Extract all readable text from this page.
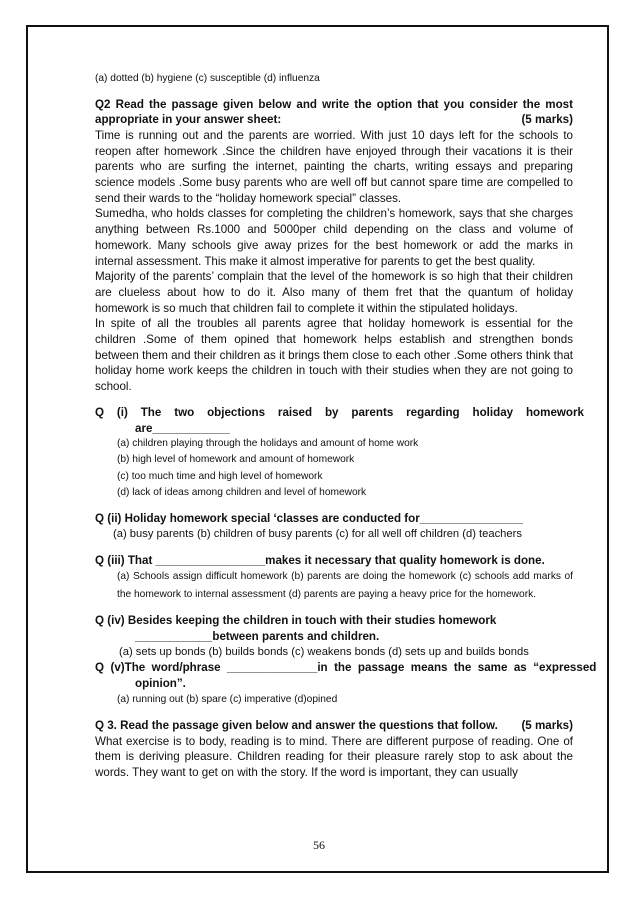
(a) dotted (b) hygiene (c) susceptible (d) influenza

Q2 Read the passage given below and write the option that you consider the most appropriate in your answer sheet:	(5 marks)

Time is running out and the parents are worried. With just 10 days left for the schools to reopen after homework .Since the children have enjoyed through their vacations it is their parents who are surfing the internet, painting the charts, writing essays and preparing science models .Some busy parents who are well off but cannot spare time are compelled to send their wards to the “holiday homework special” classes.

Sumedha, who holds classes for completing the children’s homework, says that she charges anything between Rs.1000 and 5000per child depending on the class and volume of homework. Many schools give away prizes for the best homework or add the marks in internal assessment. This make it almost imperative for parents to get the best quality.

Majority of the parents’ complain that the level of the homework is so high that their children are clueless about how to do it. Also many of them fret that the quantum of holiday homework is so much that children fail to complete it within the stipulated holidays.

In spite of all the troubles all parents agree that holiday homework is essential for the children .Some of them opined that homework helps establish and strengthen bonds between them and their children as it brings them close to each other .Some others think that holiday home work keeps the children in touch with their studies when they are not going to school.

Q    (i)    The    two    objections    raised    by    parents    regarding    holiday    homework

are____________

(a) children playing through the holidays and amount of home work

(b) high level of homework and amount of homework

(c) too much time and high level of homework

(d) lack of ideas among children and level of homework

Q (ii) Holiday homework special ‘classes are conducted for________________

(a) busy parents (b) children of busy parents (c) for all well off children (d) teachers

Q (iii) That _________________makes it necessary that quality homework is done.

(a) Schools assign difficult homework (b) parents are doing the homework (c) schools add marks of the homework to internal assessment (d) parents are paying a heavy price for the homework.

Q (iv) Besides keeping the children in touch with their studies homework

____________between parents and children.

(a) sets up bonds (b) builds bonds (c) weakens bonds (d) sets up and builds bonds

Q  (v)The  word/phrase  ______________in  the  passage  means  the  same  as  “expressed

opinion”.

(a) running out (b) spare (c) imperative (d)opined

Q 3. Read the passage given below and answer the questions that follow. (5 marks)

What exercise is to body, reading is to mind. There are different purpose of reading. One of them is deriving pleasure. Children reading for their pleasure rarely stop to ask about the words. They want to get on with the story. If the word is important, they can usually

56
